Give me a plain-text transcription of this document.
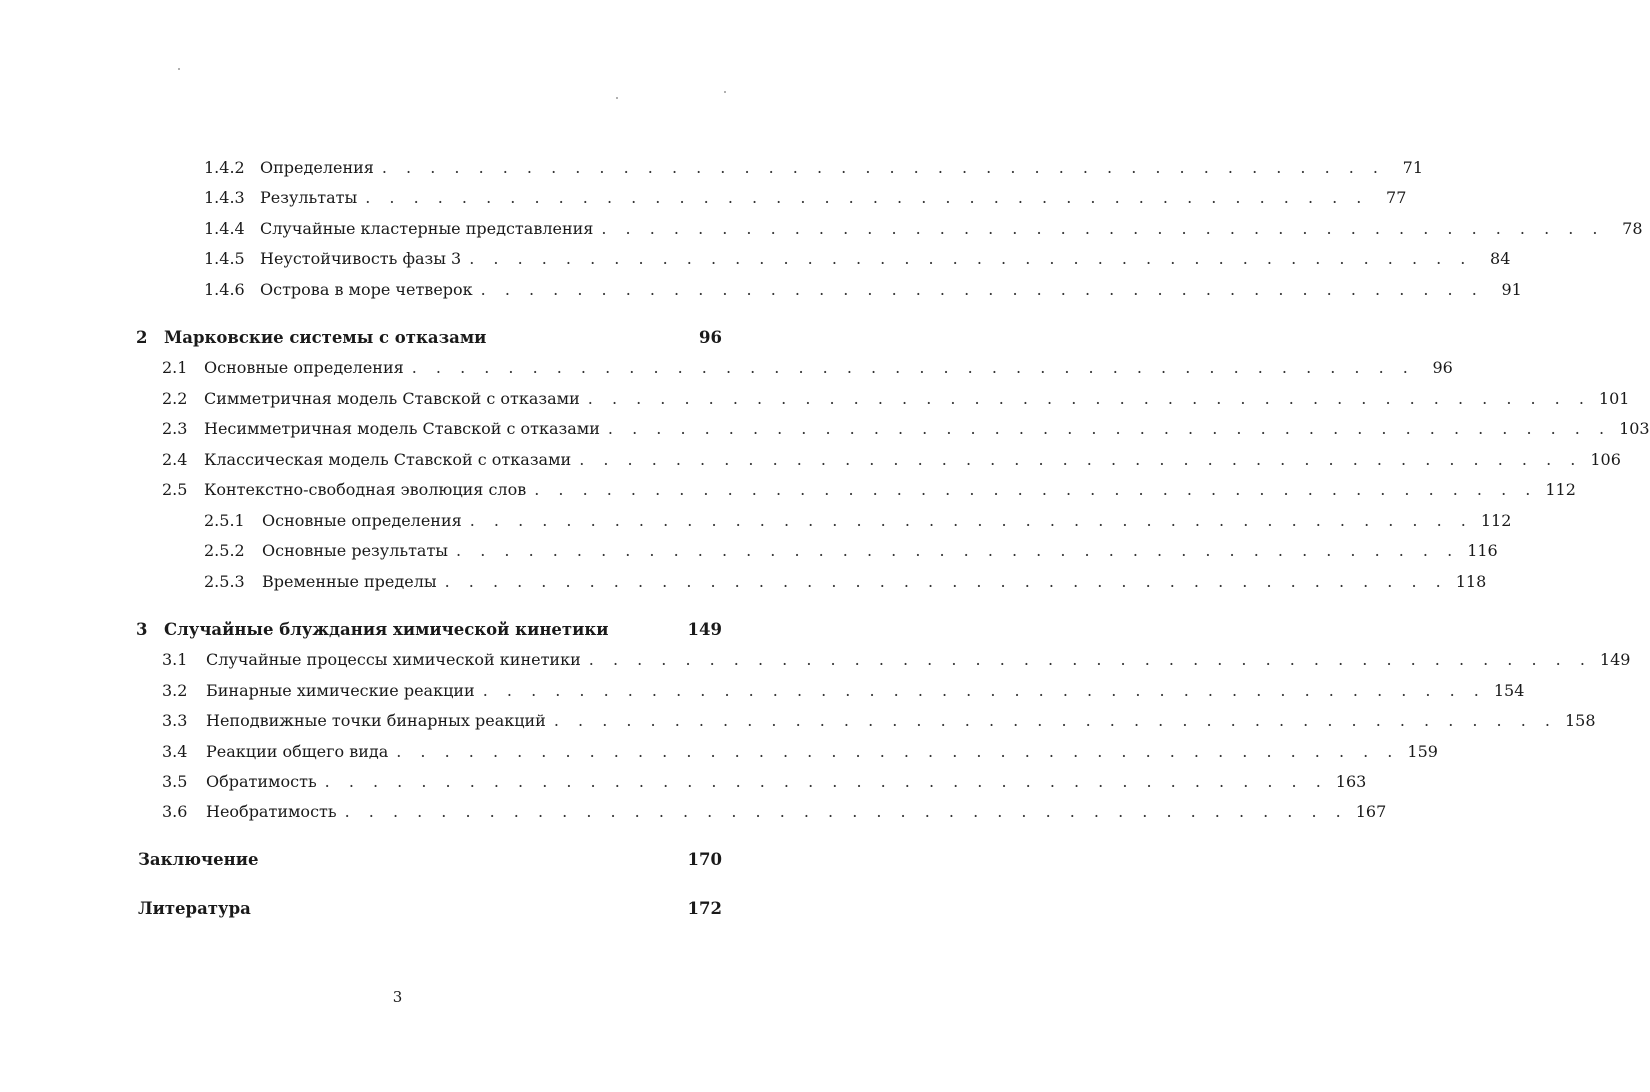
1.4.2 Определения . . . . . . . . . . . . . . . . . . . . . . . . . . . . . . . . . . . . . . . . . .	71
1.4.3 Результаты . . . . . . . . . . . . . . . . . . . . . . . . . . . . . . . . . . . . . . . . . .	77
1.4.4 Случайные кластерные представления . . . . . . . . . . . . . . . . . . . . . . . . . . . . . . . . . . . . . . . . . .	78
1.4.5 Неустойчивость фазы 3 . . . . . . . . . . . . . . . . . . . . . . . . . . . . . . . . . . . . . . . . . .	84
1.4.6 Острова в море четверок . . . . . . . . . . . . . . . . . . . . . . . . . . . . . . . . . . . . . . . . . .	91
2	Марковские системы с отказами	96
2.1	Основные определения . . . . . . . . . . . . . . . . . . . . . . . . . . . . . . . . . . . . . . . . . .	96
2.2	Симметричная модель Ставской с отказами . . . . . . . . . . . . . . . . . . . . . . . . . . . . . . . . . . . . . . . . . . 101
2.3	Несимметричная модель Ставской с отказами . . . . . . . . . . . . . . . . . . . . . . . . . . . . . . . . . . . . . . . . . . 103
2.4	Классическая модель Ставской с отказами . . . . . . . . . . . . . . . . . . . . . . . . . . . . . . . . . . . . . . . . . . 106
2.5	Контекстно-свободная эволюция слов . . . . . . . . . . . . . . . . . . . . . . . . . . . . . . . . . . . . . . . . . . 112
2.5.1	Основные определения . . . . . . . . . . . . . . . . . . . . . . . . . . . . . . . . . . . . . . . . . . 112
2.5.2	Основные результаты . . . . . . . . . . . . . . . . . . . . . . . . . . . . . . . . . . . . . . . . . . 116
2.5.3	Временные пределы . . . . . . . . . . . . . . . . . . . . . . . . . . . . . . . . . . . . . . . . . . 118
3	Случайные блуждания химической кинетики	149
3.1	Случайные процессы химической кинетики . . . . . . . . . . . . . . . . . . . . . . . . . . . . . . . . . . . . . . . . . . 149
3.2	Бинарные химические реакции . . . . . . . . . . . . . . . . . . . . . . . . . . . . . . . . . . . . . . . . . . 154
3.3	Неподвижные точки бинарных реакций . . . . . . . . . . . . . . . . . . . . . . . . . . . . . . . . . . . . . . . . . . 158
3.4	Реакции общего вида . . . . . . . . . . . . . . . . . . . . . . . . . . . . . . . . . . . . . . . . . . 159
3.5	Обратимость . . . . . . . . . . . . . . . . . . . . . . . . . . . . . . . . . . . . . . . . . . 163
3.6	Необратимость . . . . . . . . . . . . . . . . . . . . . . . . . . . . . . . . . . . . . . . . . . 167
Заключение	170
Литература	172
3
